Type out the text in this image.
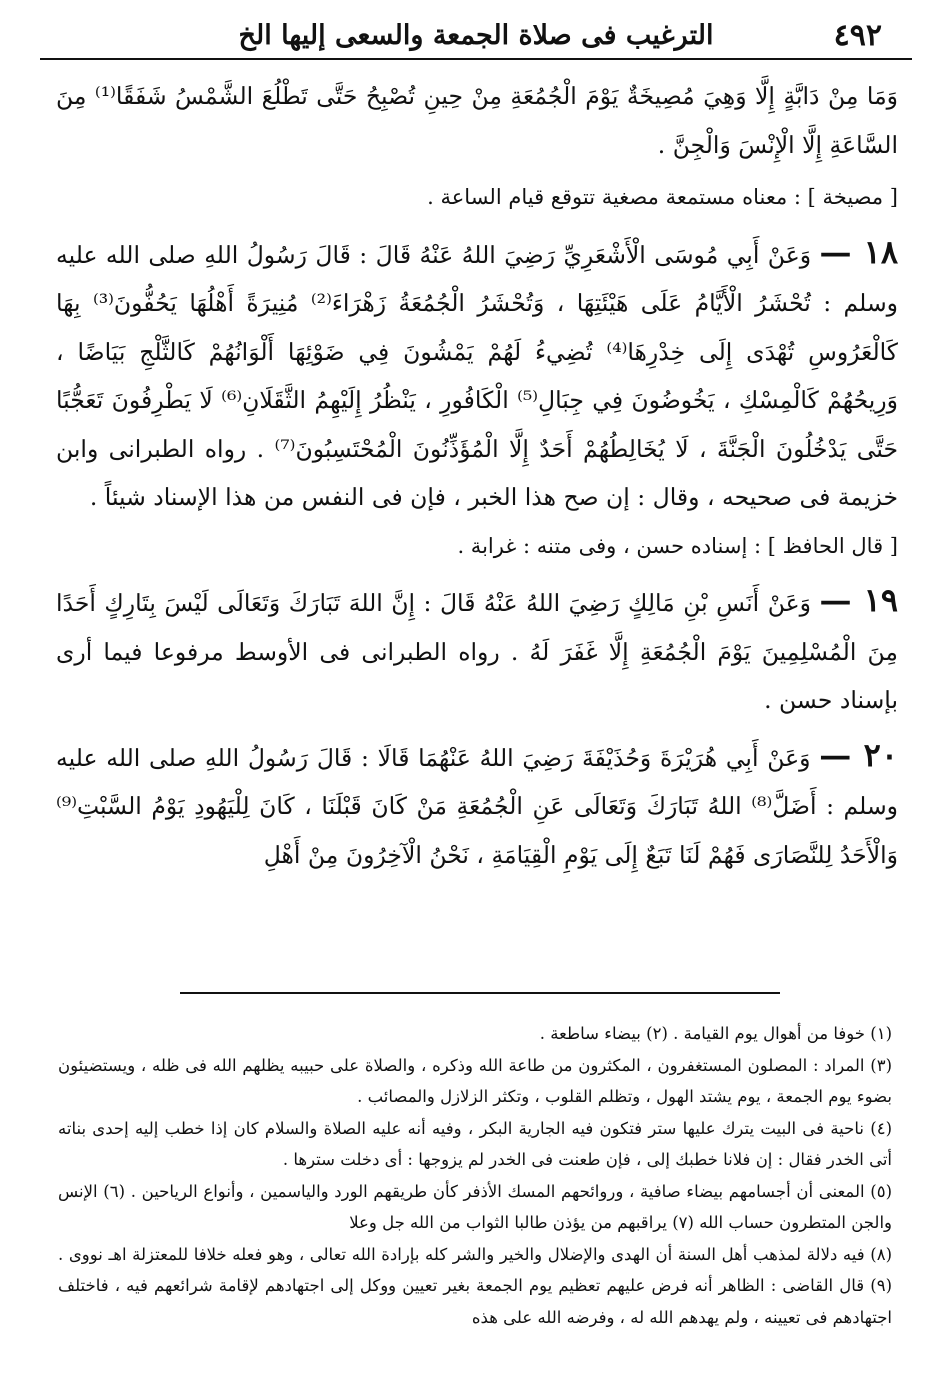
٤٩٢
الترغيب فى صلاة الجمعة والسعى إليها الخ

وَمَا مِنْ دَابَّةٍ إِلَّا وَهِيَ مُصِيخَةٌ يَوْمَ الْجُمُعَةِ مِنْ حِينِ تُصْبِحُ حَتَّى تَطْلُعَ الشَّمْسُ شَفَقًا⁽¹⁾ مِنَ السَّاعَةِ إِلَّا الْإِنْسَ وَالْجِنَّ .

[ مصيخة ] : معناه مستمعة مصغية تتوقع قيام الساعة .

١٨ — وَعَنْ أَبِي مُوسَى الْأَشْعَرِيِّ رَضِيَ اللهُ عَنْهُ قَالَ : قَالَ رَسُولُ اللهِ صلى الله عليه وسلم : تُحْشَرُ الْأَيَّامُ عَلَى هَيْئَتِهَا ، وَتُحْشَرُ الْجُمُعَةُ زَهْرَاءَ⁽²⁾ مُنِيرَةً أَهْلُهَا يَحُفُّونَ⁽³⁾ بِهَا كَالْعَرُوسِ تُهْدَى إِلَى خِدْرِهَا⁽⁴⁾ تُضِيءُ لَهُمْ يَمْشُونَ فِي ضَوْئِهَا أَلْوَانُهُمْ كَالثَّلْجِ بَيَاضًا ، وَرِيحُهُمْ كَالْمِسْكِ ، يَخُوضُونَ فِي جِبَالِ⁽⁵⁾ الْكَافُورِ ، يَنْظُرُ إِلَيْهِمُ الثَّقَلَانِ⁽⁶⁾ لَا يَطْرِفُونَ تَعَجُّبًا حَتَّى يَدْخُلُونَ الْجَنَّةَ ، لَا يُخَالِطُهُمْ أَحَدٌ إِلَّا الْمُؤَذِّنُونَ الْمُحْتَسِبُونَ⁽⁷⁾ . رواه الطبرانى وابن خزيمة فى صحيحه ، وقال : إن صح هذا الخبر ، فإن فى النفس من هذا الإسناد شيئاً .

[ قال الحافظ ] : إسناده حسن ، وفى متنه : غرابة .

١٩ — وَعَنْ أَنَسِ بْنِ مَالِكٍ رَضِيَ اللهُ عَنْهُ قَالَ : إِنَّ اللهَ تَبَارَكَ وَتَعَالَى لَيْسَ بِتَارِكٍ أَحَدًا مِنَ الْمُسْلِمِينَ يَوْمَ الْجُمُعَةِ إِلَّا غَفَرَ لَهُ . رواه الطبرانى فى الأوسط مرفوعا فيما أرى بإسناد حسن .

٢٠ — وَعَنْ أَبِي هُرَيْرَةَ وَحُذَيْفَةَ رَضِيَ اللهُ عَنْهُمَا قَالَا : قَالَ رَسُولُ اللهِ صلى الله عليه وسلم : أَضَلَّ⁽⁸⁾ اللهُ تَبَارَكَ وَتَعَالَى عَنِ الْجُمُعَةِ مَنْ كَانَ قَبْلَنَا ، كَانَ لِلْيَهُودِ يَوْمُ السَّبْتِ⁽⁹⁾ وَالْأَحَدُ لِلنَّصَارَى فَهُمْ لَنَا تَبَعٌ إِلَى يَوْمِ الْقِيَامَةِ ، نَحْنُ الْآخِرُونَ مِنْ أَهْلِ

(١) خوفا من أهوال يوم القيامة . (٢) بيضاء ساطعة .

(٣) المراد : المصلون المستغفرون ، المكثرون من طاعة الله وذكره ، والصلاة على حبيبه يظلهم الله فى ظله ، ويستضيئون بضوء يوم الجمعة ، يوم يشتد الهول ، وتظلم القلوب ، وتكثر الزلازل والمصائب .

(٤) ناحية فى البيت يترك عليها ستر فتكون فيه الجارية البكر ، وفيه أنه عليه الصلاة والسلام كان إذا خطب إليه إحدى بناته أتى الخدر فقال : إن فلانا خطبك إلى ، فإن طعنت فى الخدر لم يزوجها : أى دخلت سترها .

(٥) المعنى أن أجسامهم بيضاء صافية ، وروائحهم المسك الأذفر كأن طريقهم الورد والياسمين ، وأنواع الرياحين . (٦) الإنس والجن المتطرون حساب الله (٧) يراقبهم من يؤذن طالبا الثواب من الله جل وعلا

(٨) فيه دلالة لمذهب أهل السنة أن الهدى والإضلال والخير والشر كله بإرادة الله تعالى ، وهو فعله خلافا للمعتزلة اهـ نووى . (٩) قال القاضى : الظاهر أنه فرض عليهم تعظيم يوم الجمعة بغير تعيين ووكل إلى اجتهادهم لإقامة شرائعهم فيه ، فاختلف اجتهادهم فى تعيينه ، ولم يهدهم الله له ، وفرضه الله على هذه
